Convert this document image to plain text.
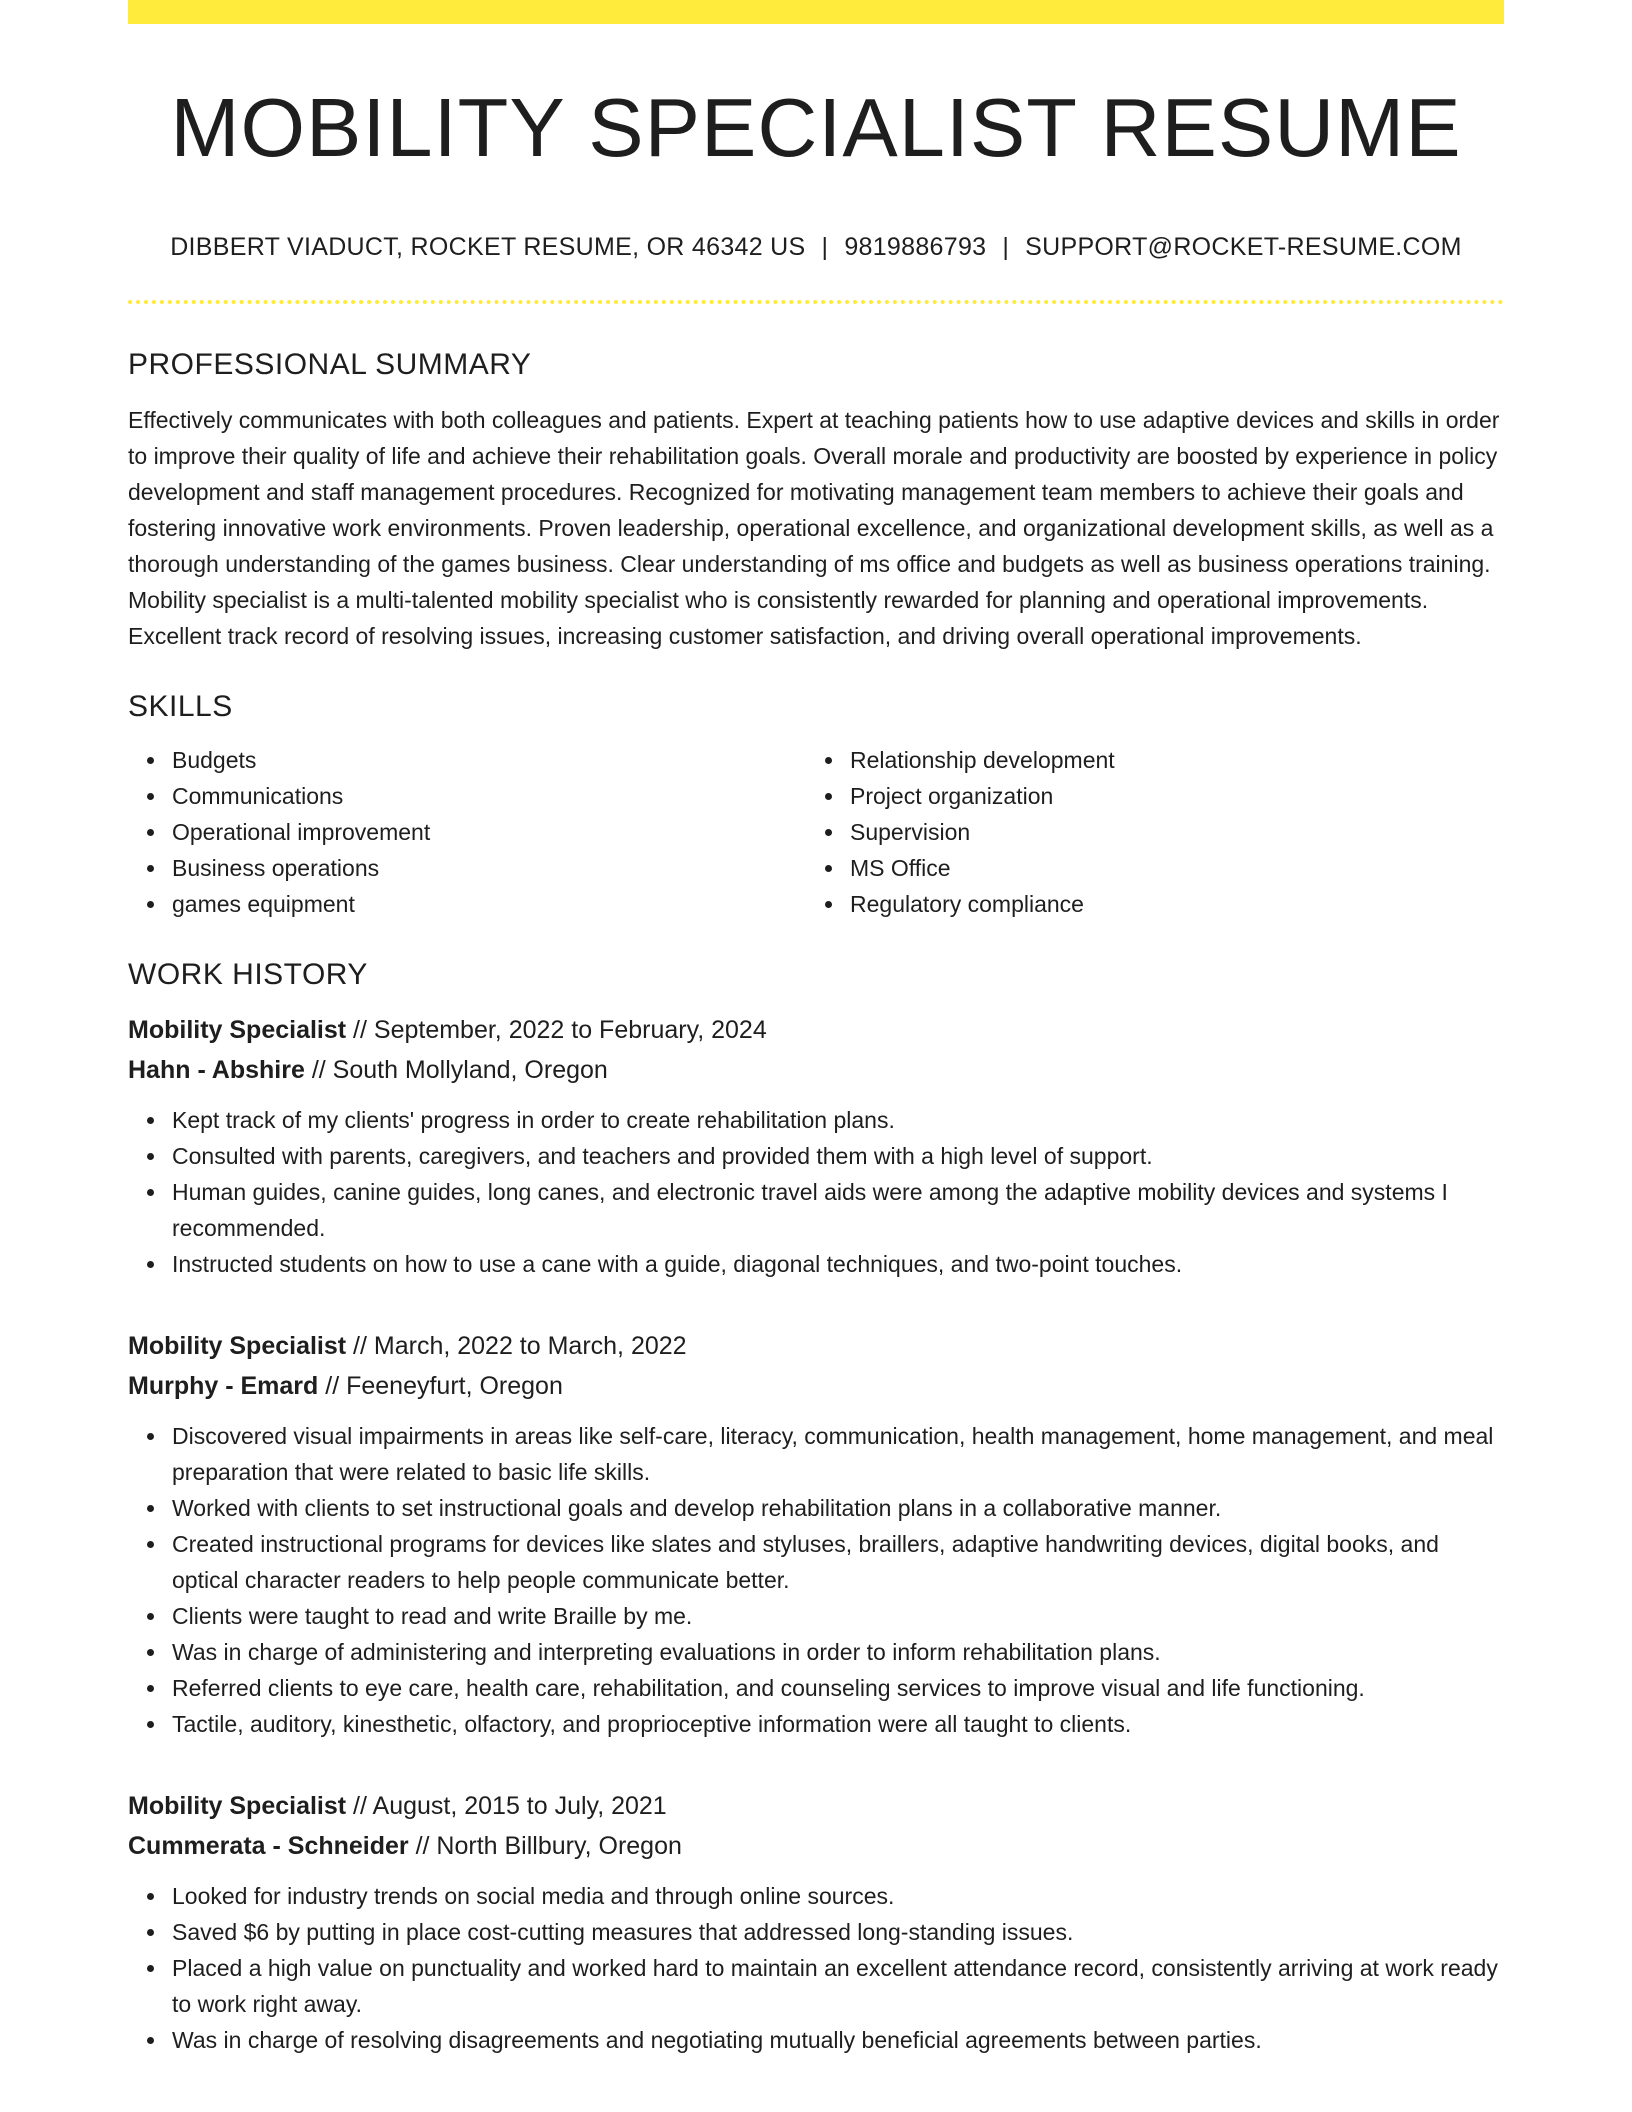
MOBILITY SPECIALIST RESUME
DIBBERT VIADUCT, ROCKET RESUME, OR 46342 US | 9819886793 | SUPPORT@ROCKET-RESUME.COM
PROFESSIONAL SUMMARY
Effectively communicates with both colleagues and patients. Expert at teaching patients how to use adaptive devices and skills in order to improve their quality of life and achieve their rehabilitation goals. Overall morale and productivity are boosted by experience in policy development and staff management procedures. Recognized for motivating management team members to achieve their goals and fostering innovative work environments. Proven leadership, operational excellence, and organizational development skills, as well as a thorough understanding of the games business. Clear understanding of ms office and budgets as well as business operations training. Mobility specialist is a multi-talented mobility specialist who is consistently rewarded for planning and operational improvements. Excellent track record of resolving issues, increasing customer satisfaction, and driving overall operational improvements.
SKILLS
Budgets
Communications
Operational improvement
Business operations
games equipment
Relationship development
Project organization
Supervision
MS Office
Regulatory compliance
WORK HISTORY
Mobility Specialist // September, 2022 to February, 2024
Hahn - Abshire // South Mollyland, Oregon
Kept track of my clients' progress in order to create rehabilitation plans.
Consulted with parents, caregivers, and teachers and provided them with a high level of support.
Human guides, canine guides, long canes, and electronic travel aids were among the adaptive mobility devices and systems I recommended.
Instructed students on how to use a cane with a guide, diagonal techniques, and two-point touches.
Mobility Specialist // March, 2022 to March, 2022
Murphy - Emard // Feeneyfurt, Oregon
Discovered visual impairments in areas like self-care, literacy, communication, health management, home management, and meal preparation that were related to basic life skills.
Worked with clients to set instructional goals and develop rehabilitation plans in a collaborative manner.
Created instructional programs for devices like slates and styluses, braillers, adaptive handwriting devices, digital books, and optical character readers to help people communicate better.
Clients were taught to read and write Braille by me.
Was in charge of administering and interpreting evaluations in order to inform rehabilitation plans.
Referred clients to eye care, health care, rehabilitation, and counseling services to improve visual and life functioning.
Tactile, auditory, kinesthetic, olfactory, and proprioceptive information were all taught to clients.
Mobility Specialist // August, 2015 to July, 2021
Cummerata - Schneider // North Billbury, Oregon
Looked for industry trends on social media and through online sources.
Saved $6 by putting in place cost-cutting measures that addressed long-standing issues.
Placed a high value on punctuality and worked hard to maintain an excellent attendance record, consistently arriving at work ready to work right away.
Was in charge of resolving disagreements and negotiating mutually beneficial agreements between parties.
